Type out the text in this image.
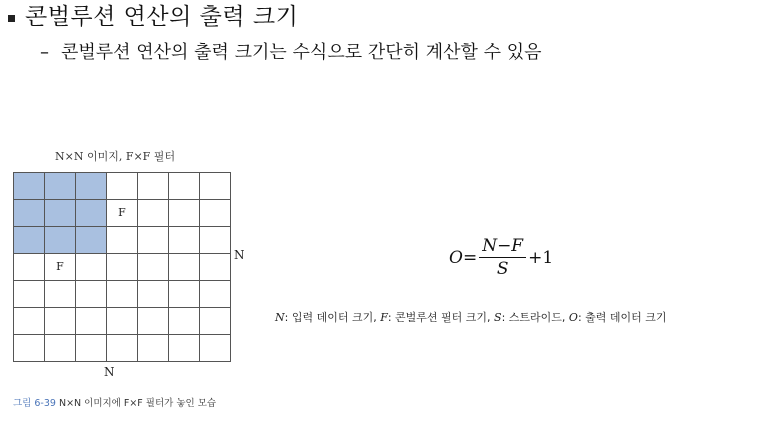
콘벌루션 연산의 출력 크기
– 콘벌루션 연산의 출력 크기는 수식으로 간단히 계산할 수 있음
N×N 이미지, F×F 필터
F
F
N
N
그림 6-39 N×N 이미지에 F×F 필터가 놓인 모습
$O = \frac{N-F}{S} +1$
N: 입력 데이터 크기, F: 콘벌루션 필터 크기, S: 스트라이드, O: 출력 데이터 크기
